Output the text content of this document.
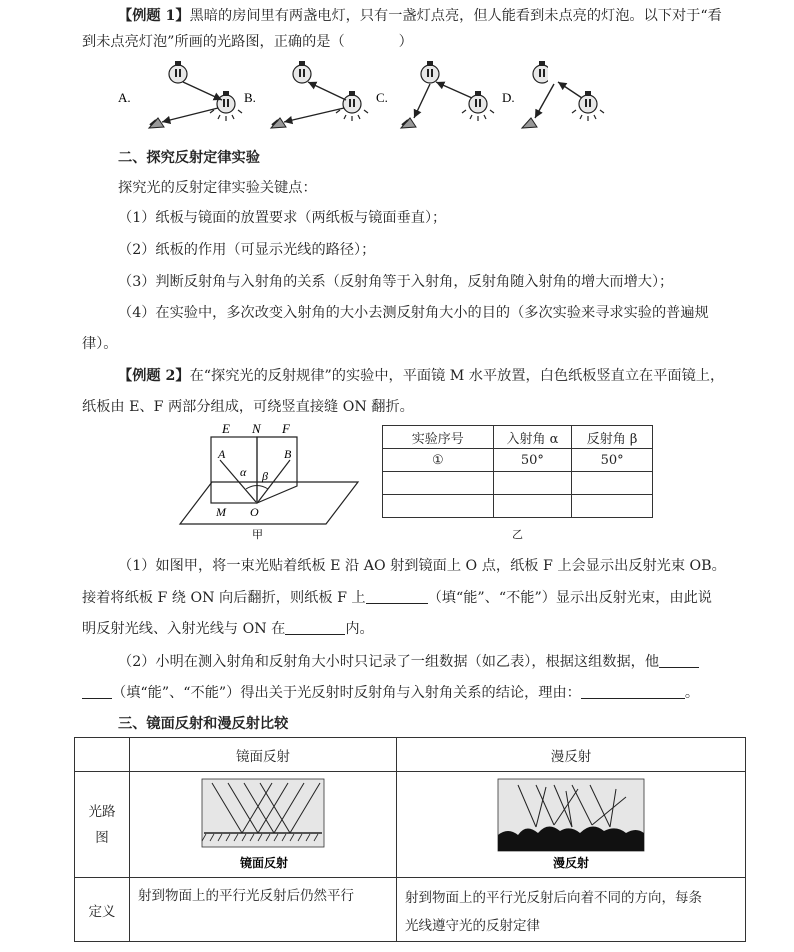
【例题 1】黑暗的房间里有两盏电灯，只有一盏灯点亮，但人能看到未点亮的灯泡。以下对于“看
到未点亮灯泡”所画的光路图，正确的是（	）
A.	B.	C.	D.
二、探究反射定律实验
探究光的反射定律实验关键点：
（1）纸板与镜面的放置要求（两纸板与镜面垂直）；
（2）纸板的作用（可显示光线的路径）；
（3）判断反射角与入射角的关系（反射角等于入射角，反射角随入射角的增大而增大）；
（4）在实验中，多次改变入射角的大小去测反射角大小的目的（多次实验来寻求实验的普遍规
律）。
【例题 2】在“探究光的反射规律”的实验中，平面镜 M 水平放置，白色纸板竖直立在平面镜上，
纸板由 E、F 两部分组成，可绕竖直接缝 ON 翻折。
E N F
A	B
α β
O
M
甲
实验序号	入射角 α	反射角 β
①	50°	50°

乙
（1）如图甲，将一束光贴着纸板 E 沿 AO 射到镜面上 O 点，纸板 F 上会显示出反射光束 OB。
接着将纸板 F 绕 ON 向后翻折，则纸板 F 上	（填“能”、“不能”）显示出反射光束，由此说
明反射光线、入射光线与 ON 在	内。
（2）小明在测入射角和反射角大小时只记录了一组数据（如乙表），根据这组数据，他
（填“能”、“不能”）得出关于光反射时反射角与入射角关系的结论，理由：	。
三、镜面反射和漫反射比较
	镜面反射	漫反射
光路图	镜面反射	漫反射

定义	射到物面上的平行光反射后仍然平行	射到物面上的平行光反射后向着不同的方向，每条
光线遵守光的反射定律
